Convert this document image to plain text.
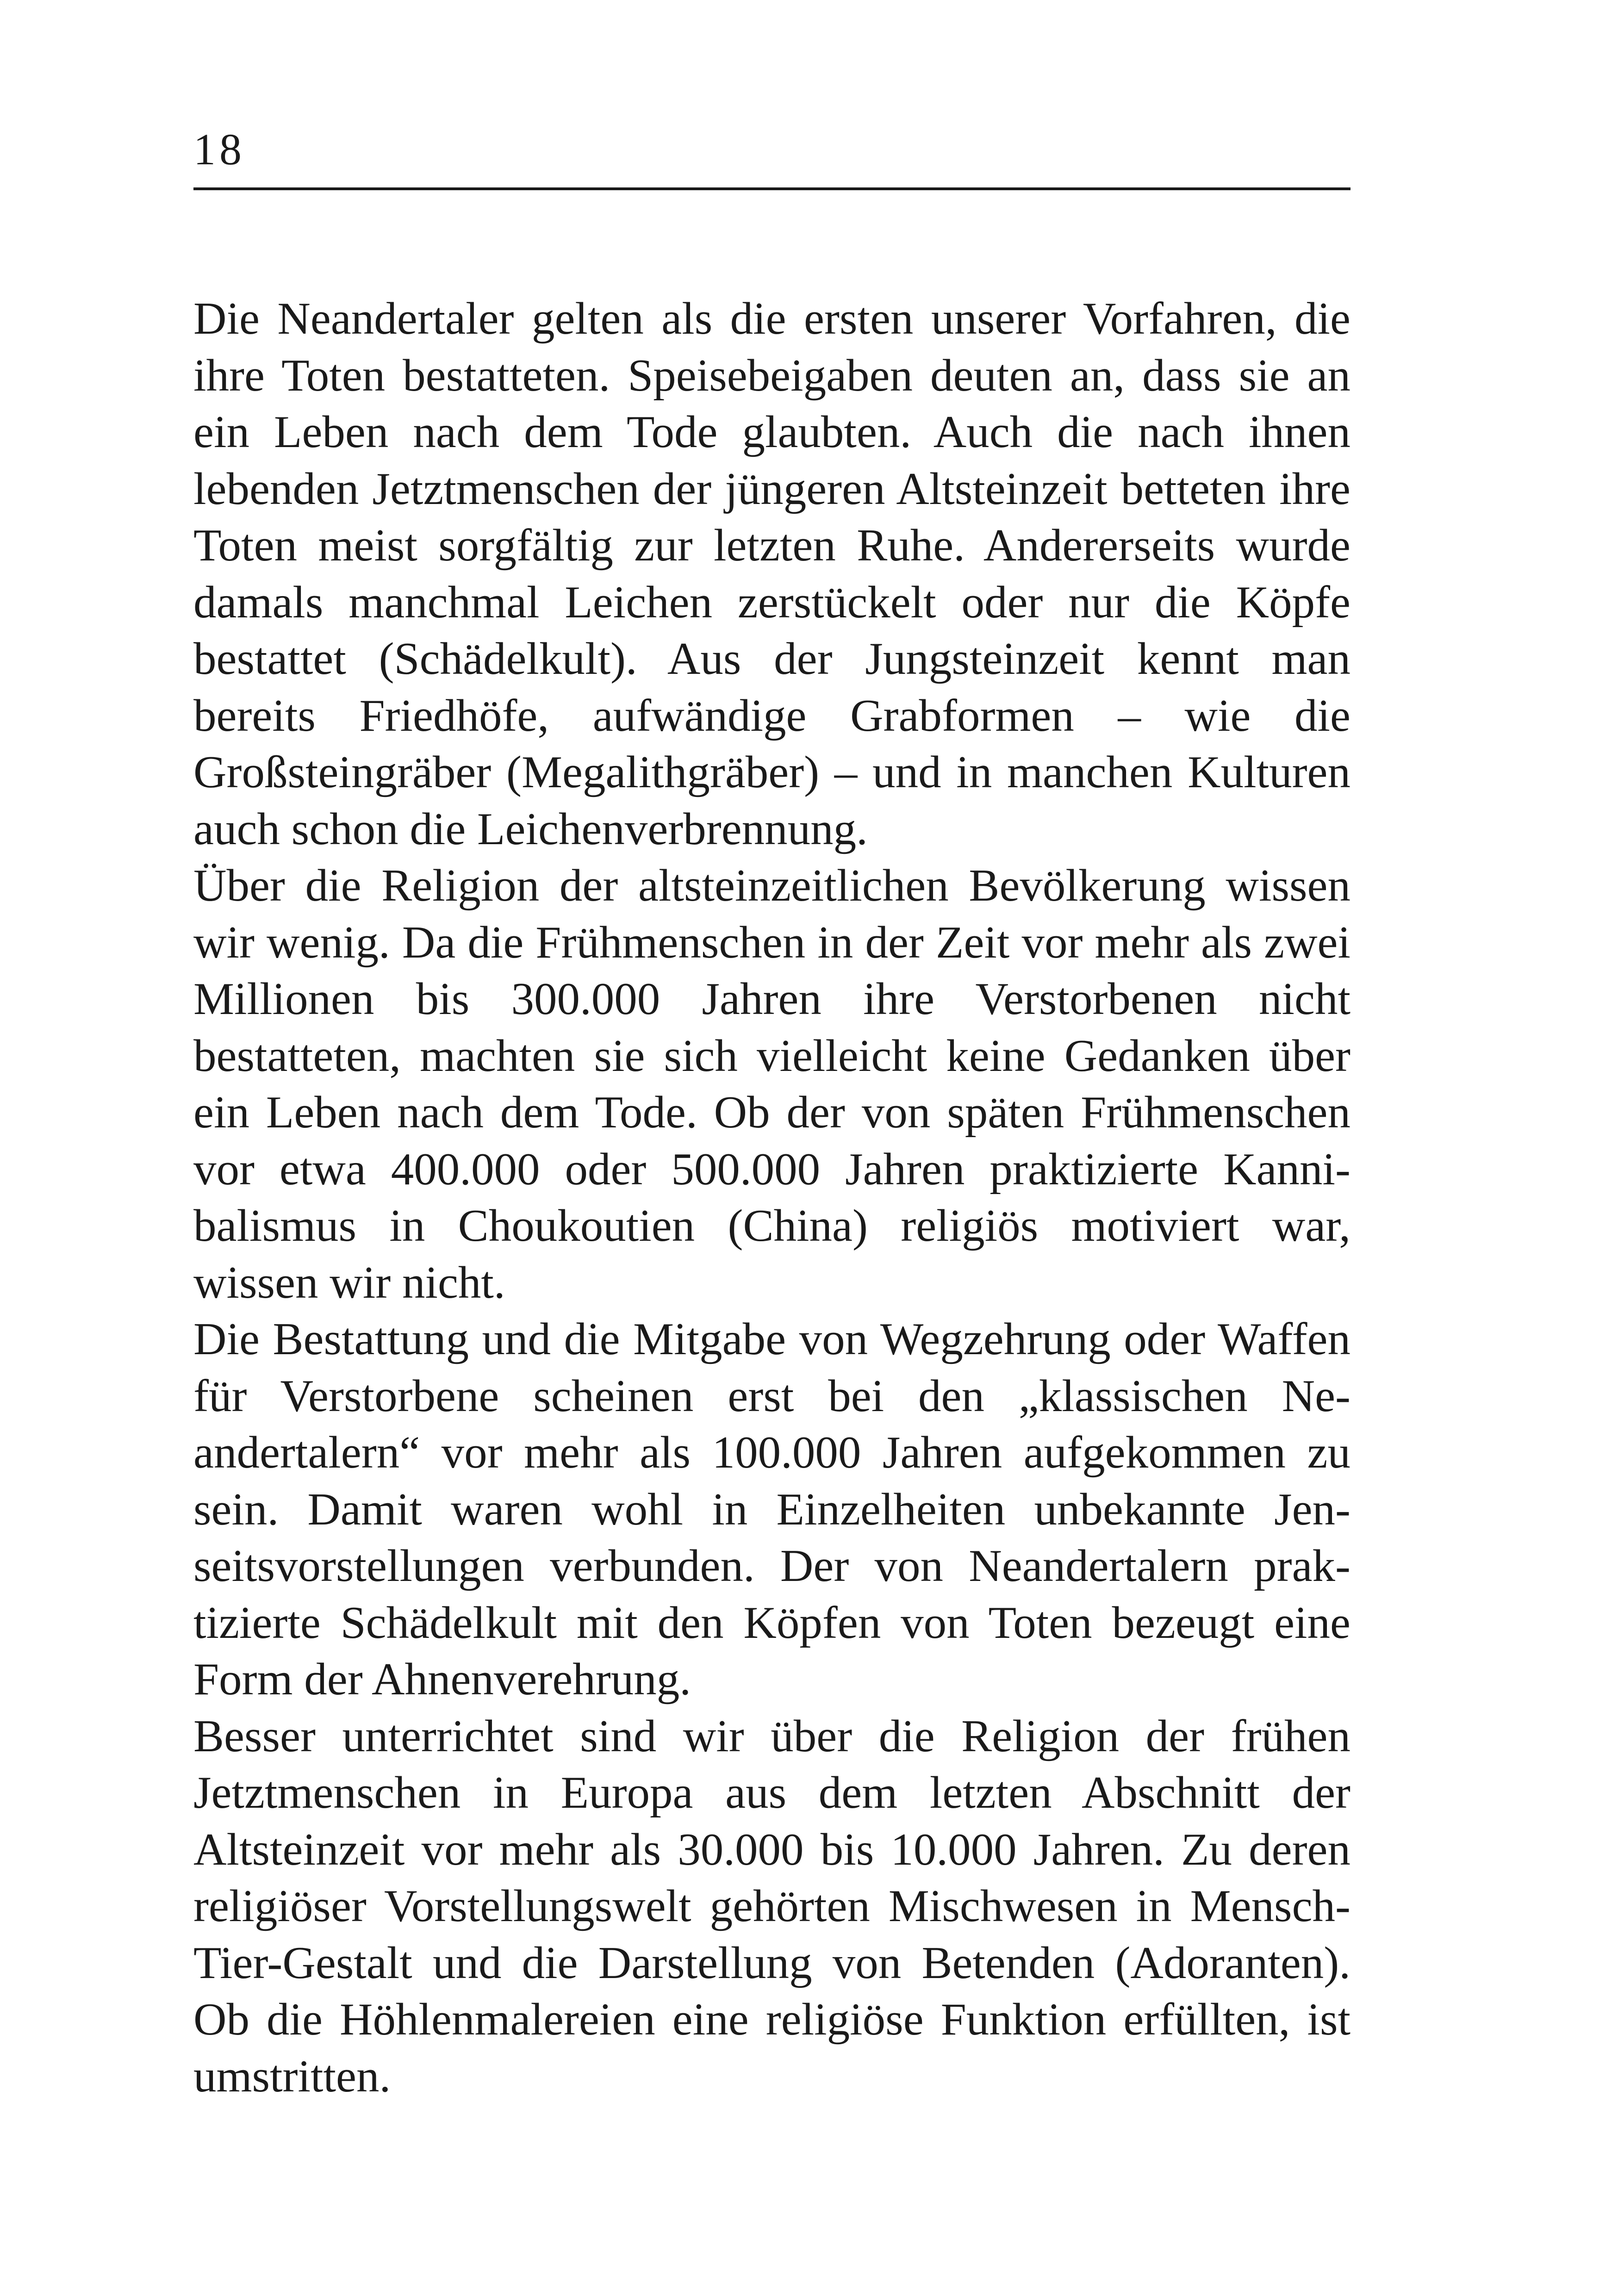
18

Die Neandertaler gelten als die ersten unserer Vorfahren, die ihre Toten bestatteten. Speisebeigaben deuten an, dass sie an ein Leben nach dem Tode glaubten. Auch die nach ihnen lebenden Jetztmenschen der jüngeren Altsteinzeit betteten ihre Toten meist sorgfältig zur letzten Ruhe. Andererseits wurde damals manchmal Leichen zerstückelt oder nur die Köpfe bestattet (Schädelkult). Aus der Jungsteinzeit kennt man bereits Friedhöfe, aufwändige Grabformen – wie die Großsteingräber (Megalithgräber) – und in manchen Kulturen auch schon die Leichenverbrennung.

Über die Religion der altsteinzeitlichen Bevölkerung wissen wir wenig. Da die Frühmenschen in der Zeit vor mehr als zwei Millionen bis 300.000 Jahren ihre Verstorbenen nicht bestatteten, machten sie sich vielleicht keine Gedanken über ein Leben nach dem Tode. Ob der von späten Frühmenschen vor etwa 400.000 oder 500.000 Jahren praktizierte Kannibalismus in Choukoutien (China) religiös motiviert war, wissen wir nicht.

Die Bestattung und die Mitgabe von Wegzehrung oder Waffen für Verstorbene scheinen erst bei den „klassischen Neandertalern“ vor mehr als 100.000 Jahren aufgekommen zu sein. Damit waren wohl in Einzelheiten unbekannte Jenseitsvorstellungen verbunden. Der von Neandertalern praktizierte Schädelkult mit den Köpfen von Toten bezeugt eine Form der Ahnenverehrung.

Besser unterrichtet sind wir über die Religion der frühen Jetztmenschen in Europa aus dem letzten Abschnitt der Altsteinzeit vor mehr als 30.000 bis 10.000 Jahren. Zu deren religiöser Vorstellungswelt gehörten Mischwesen in Mensch-Tier-Gestalt und die Darstellung von Betenden (Adoranten). Ob die Höhlenmalereien eine religiöse Funktion erfüllten, ist umstritten.
